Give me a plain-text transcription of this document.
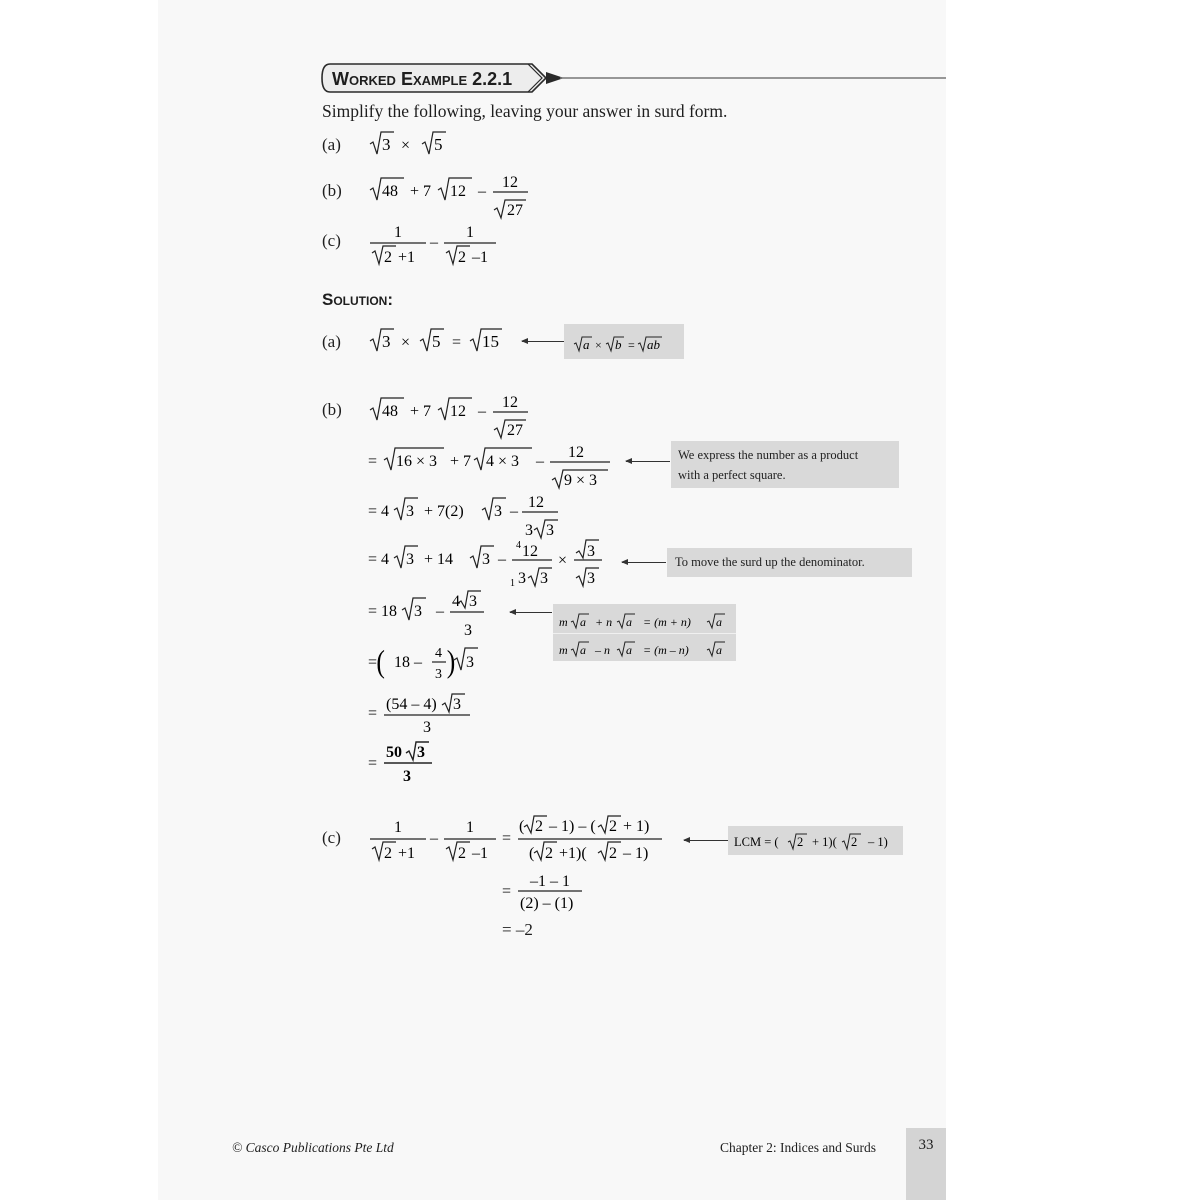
Worked Example 2.2.1
Simplify the following, leaving your answer in surd form.
(a)
(b)
(c)
3 × 5
48 + 7 12 –
12
27
1
2 +1
–
1
2 –1
Solution:
(a) 3 × 5 = 15	a × b = ab
(b)	48 + 7 12 –
12
27
= 16 × 3 + 7 4 × 3 –
12
9 × 3
We express the number as a product
with a perfect square.
= 4 3 + 7(2) 3 –
12
3 3
= 4 3 + 14 3 –
4 12
1 3 3
×
3
3
To move the surd up the denominator.
= 18 3 –
4 3
3	m a + n a = (m + n) a
m a – n a = (m – n) a
= ( 18 –
4
3 ) 3
=
(54 – 4) 3
3
=
50 3
3
(c)
1
2 +1
–
1
2 –1
=
( 2 – 1) – ( 2 + 1)
( 2 +1)( 2 – 1)
LCM = ( 2 + 1)( 2 – 1)
=
–1 – 1
(2) – (1)
= –2
© Casco Publications Pte Ltd	Chapter 2: Indices and Surds	33
